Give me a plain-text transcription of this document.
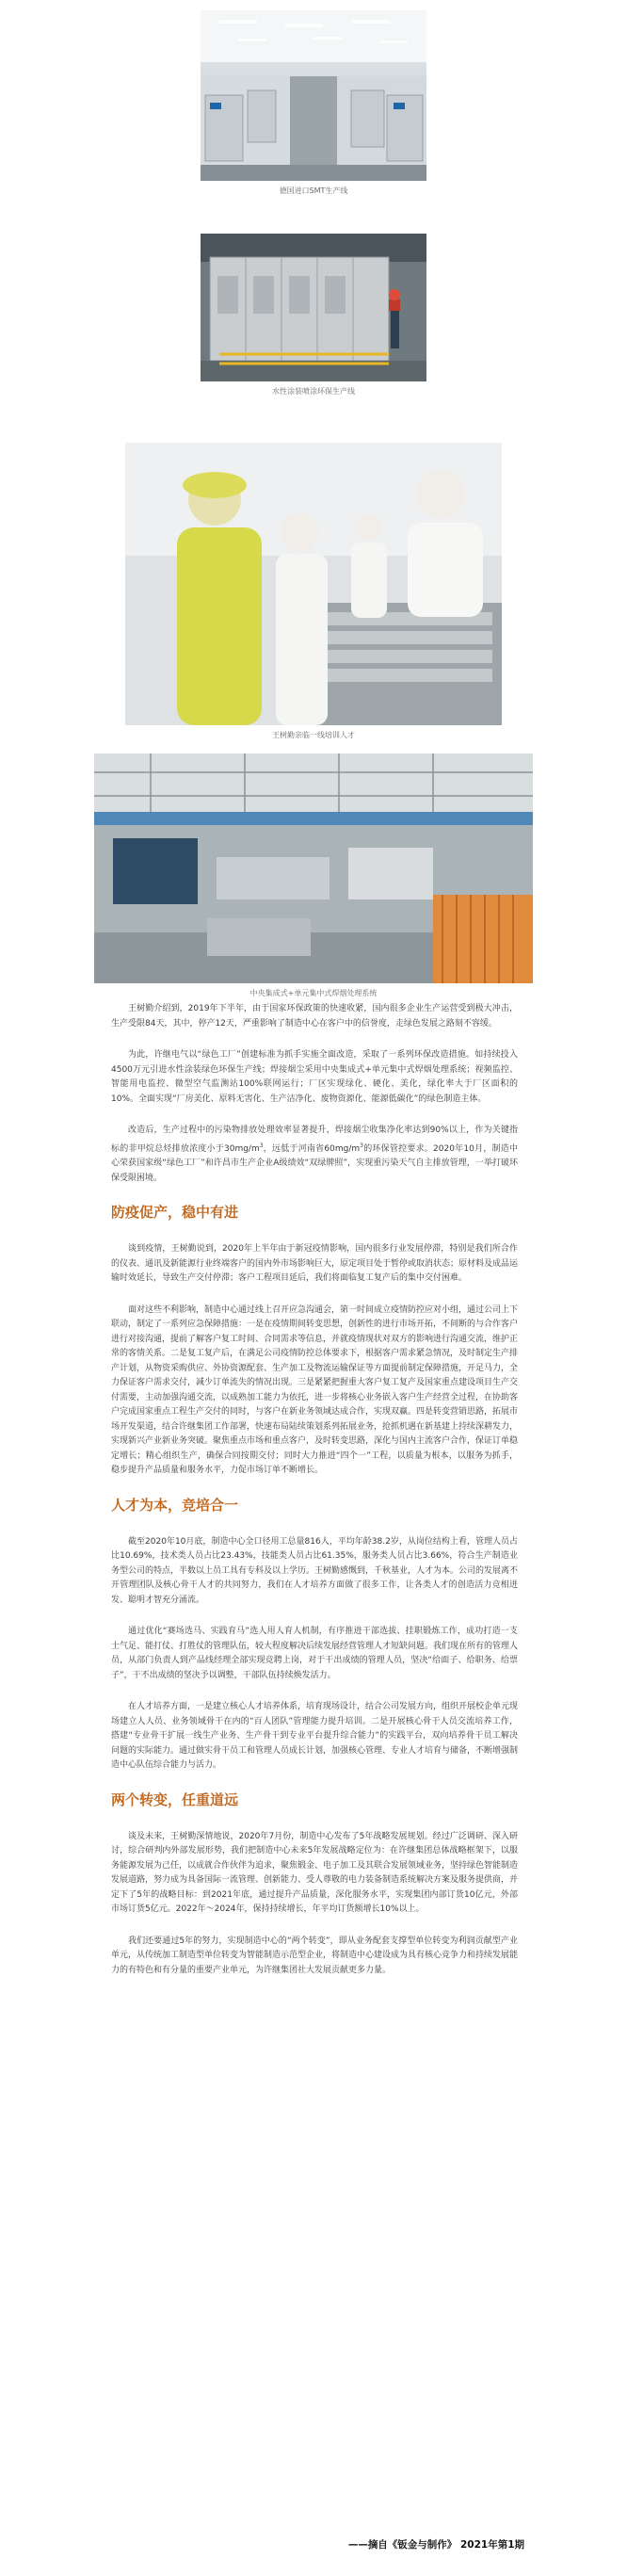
德国进口SMT生产线
水性涂装喷涂环保生产线
王树勤亲临一线培训人才
中央集成式+单元集中式焊烟处理系统

王树勤介绍到，2019年下半年，由于国家环保政策的快速收紧，国内很多企业生产运营受到极大冲击，生产受限84天，其中，停产12天，严重影响了制造中心在客户中的信誉度，走绿色发展之路刻不容缓。

为此，许继电气以“绿色工厂”创建标准为抓手实施全面改造，采取了一系列环保改造措施。如持续投入4500万元引进水性涂装绿色环保生产线；焊接烟尘采用中央集成式+单元集中式焊烟处理系统；视频监控、智能用电监控、微型空气监测站100%联网运行；厂区实现绿化、硬化、美化，绿化率大于厂区面积的10%。全面实现“厂房美化、原料无害化、生产洁净化、废物资源化、能源低碳化”的绿色制造主体。

改造后，生产过程中的污染物排放处理效率显著提升，焊接烟尘收集净化率达到90%以上，作为关键指标的非甲烷总烃排放浓度小于$30mg/m^3$，远低于河南省$60mg/m^3$的环保管控要求。2020年10月，制造中心荣获国家级“绿色工厂”和许昌市生产企业A级绩效“双绿牌照”，实现重污染天气自主排放管理，一举打破环保受限困境。

防疫促产，稳中有进

谈到疫情，王树勤说到，2020年上半年由于新冠疫情影响，国内很多行业发展停滞，特别是我们所合作的仪表、通讯及新能源行业终端客户的国内外市场影响巨大，原定项目处于暂停或取消状态；原材料及成品运输时效延长，导致生产交付停滞；客户工程项目延后，我们将面临复工复产后的集中交付困难。

面对这些不利影响，制造中心通过线上召开应急沟通会，第一时间成立疫情防控应对小组，通过公司上下联动，制定了一系列应急保障措施：一是在疫情期间转变思想，创新性的进行市场开拓，不间断的与合作客户进行对接沟通，提前了解客户复工时间、合同需求等信息，并就疫情现状对双方的影响进行沟通交流，维护正常的客情关系。二是复工复产后，在满足公司疫情防控总体要求下，根据客户需求紧急情况，及时制定生产排产计划，从物资采购供应、外协资源配套、生产加工及物流运输保证等方面提前制定保障措施，开足马力，全力保证客户需求交付，减少订单流失的情况出现。三是紧紧把握重大客户复工复产及国家重点建设项目生产交付需要，主动加强沟通交流，以成熟加工能力为依托，进一步将核心业务嵌入客户生产经营全过程，在协助客户完成国家重点工程生产交付的同时，与客户在新业务领域达成合作，实现双赢。四是转变营销思路，拓展市场开发渠道，结合许继集团工作部署，快速布局陆续策划系列拓展业务，抢抓机遇在新基建上持续深耕发力，实现新兴产业新业务突破。聚焦重点市场和重点客户，及时转变思路，深化与国内主流客户合作，保证订单稳定增长；精心组织生产，确保合同按期交付；同时大力推进“四个一”工程，以质量为根本，以服务为抓手，稳步提升产品质量和服务水平，力促市场订单不断增长。

人才为本，竞培合一

截至2020年10月底，制造中心全口径用工总量816人，平均年龄38.2岁，从岗位结构上看，管理人员占比10.69%，技术类人员占比23.43%，技能类人员占比61.35%，服务类人员占比3.66%，符合生产制造业务型公司的特点，半数以上员工具有专科及以上学历。王树勤感慨到，千秋基业，人才为本。公司的发展离不开管理团队及核心骨干人才的共同努力，我们在人才培养方面做了很多工作，让各类人才的创造活力竞相迸发、聪明才智充分涌流。

通过优化“赛场选马、实践育马”选人用人育人机制，有序推进干部选拔、挂职锻炼工作，成功打造一支士气足、能打仗、打胜仗的管理队伍，较大程度解决后续发展经营管理人才短缺问题。我们现在所有的管理人员，从部门负责人到产品线经理全部实现竞聘上岗，对于干出成绩的管理人员，坚决“给面子、给职务、给票子”，干不出成绩的坚决予以调整，干部队伍持续焕发活力。

在人才培养方面，一是建立核心人才培养体系，培育现场设计，结合公司发展方向，组织开展校企单元现场建立人人员、业务领域骨干在内的“百人团队”管理能力提升培训。二是开展核心骨干人员交流培养工作，搭建“专业骨干扩展一线生产业务、生产骨干到专业平台提升综合能力”的实践平台，双向培养骨干员工解决问题的实际能力。通过做实骨干员工和管理人员成长计划，加强核心管理、专业人才培育与储备，不断增强制造中心队伍综合能力与活力。

两个转变，任重道远

谈及未来，王树勤深情地说，2020年7月份，制造中心发布了5年战略发展规划。经过广泛调研、深入研讨，综合研判内外部发展形势，我们把制造中心未来5年发展战略定位为：在许继集团总体战略框架下，以服务能源发展为己任，以成就合作伙伴为追求，聚焦锻金、电子加工及其联合发展领域业务，坚持绿色智能制造发展道路，努力成为具备国际一流管理、创新能力、受人尊敬的电力装备制造系统解决方案及服务提供商，并定下了5年的战略目标：到2021年底，通过提升产品质量，深化服务水平，实现集团内部订货10亿元，外部市场订货5亿元。2022年～2024年，保持持续增长，年平均订货额增长10%以上。

我们还要通过5年的努力，实现制造中心的“两个转变”，即从业务配套支撑型单位转变为利润贡献型产业单元，从传统加工制造型单位转变为智能制造示范型企业，将制造中心建设成为具有核心竞争力和持续发展能力的有特色和有分量的重要产业单元，为许继集团社大发展贡献更多力量。

——摘自《钣金与制作》 2021年第1期
